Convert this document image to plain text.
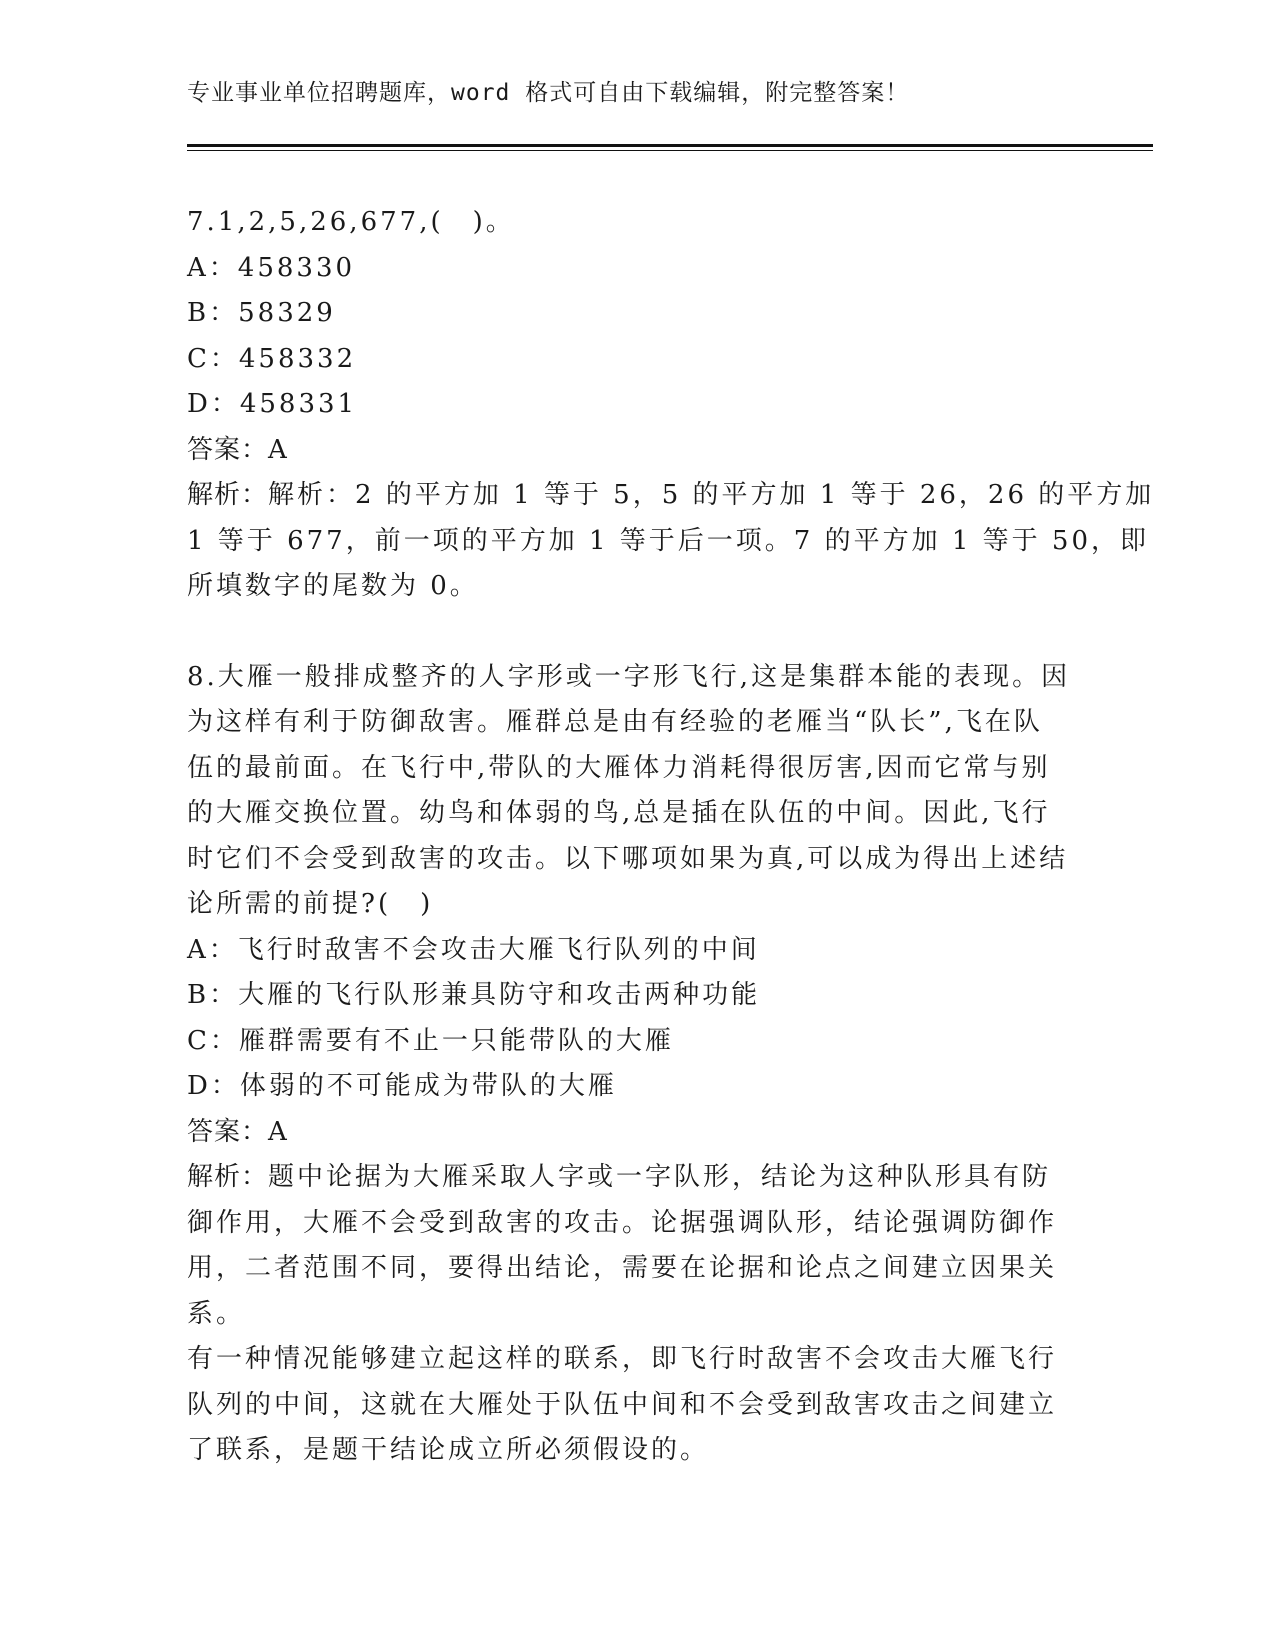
专业事业单位招聘题库，word 格式可自由下载编辑，附完整答案！
7.1,2,5,26,677,(　)。
A：458330
B：58329
C：458332
D：458331
答案：A
解析：解析：2 的平方加 1 等于 5，5 的平方加 1 等于 26，26 的平方加
1 等于 677，前一项的平方加 1 等于后一项。7 的平方加 1 等于 50，即
所填数字的尾数为 0。
8.大雁一般排成整齐的人字形或一字形飞行,这是集群本能的表现。因
为这样有利于防御敌害。雁群总是由有经验的老雁当“队长”,飞在队
伍的最前面。在飞行中,带队的大雁体力消耗得很厉害,因而它常与别
的大雁交换位置。幼鸟和体弱的鸟,总是插在队伍的中间。因此,飞行
时它们不会受到敌害的攻击。以下哪项如果为真,可以成为得出上述结
论所需的前提?(　)
A：飞行时敌害不会攻击大雁飞行队列的中间
B：大雁的飞行队形兼具防守和攻击两种功能
C：雁群需要有不止一只能带队的大雁
D：体弱的不可能成为带队的大雁
答案：A
解析：题中论据为大雁采取人字或一字队形，结论为这种队形具有防
御作用，大雁不会受到敌害的攻击。论据强调队形，结论强调防御作
用，二者范围不同，要得出结论，需要在论据和论点之间建立因果关
系。
有一种情况能够建立起这样的联系，即飞行时敌害不会攻击大雁飞行
队列的中间，这就在大雁处于队伍中间和不会受到敌害攻击之间建立
了联系，是题干结论成立所必须假设的。
